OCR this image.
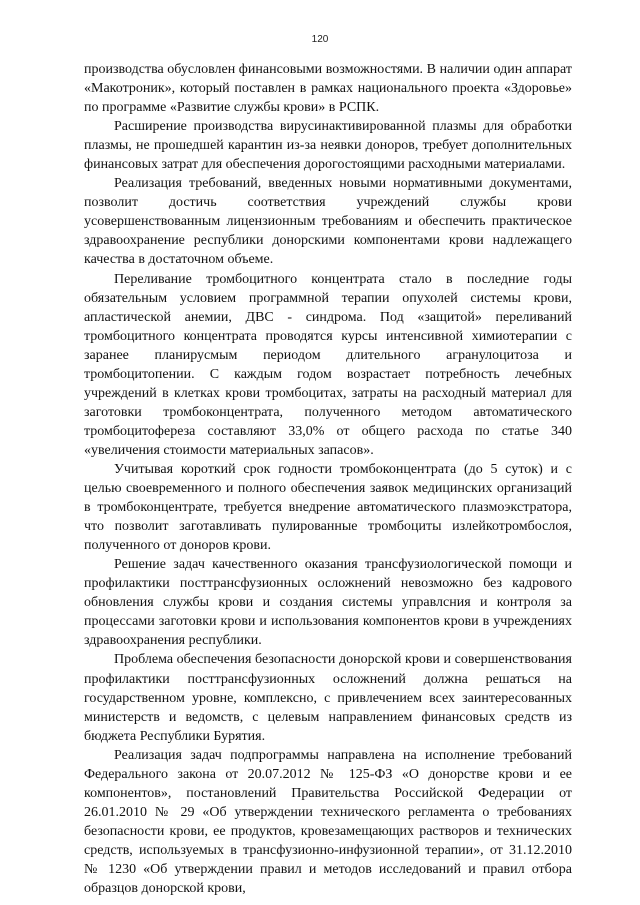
120

производства обусловлен финансовыми возможностями. В наличии один аппарат «Макотроник», который поставлен в рамках национального проекта «Здоровье» по программе «Развитие службы крови» в РСПК.

Расширение производства вирусинактивированной плазмы для обработки плазмы, не прошедшей карантин из-за неявки доноров, требует дополнительных финансовых затрат для обеспечения дорогостоящими расходными материалами.

Реализация требований, введенных новыми нормативными документами, позволит достичь соответствия учреждений службы крови усовершенствованным лицензионным требованиям и обеспечить практическое здравоохранение республики донорскими компонентами крови надлежащего качества в достаточном объеме.

Переливание тромбоцитного концентрата стало в последние годы обязательным условием программной терапии опухолей системы крови, апластической анемии, ДВС - синдрома. Под «защитой» переливаний тромбоцитного концентрата проводятся курсы интенсивной химиотерапии с заранее планирусмым периодом длительного агранулоцитоза и тромбоцитопении. С каждым годом возрастает потребность лечебных учреждений в клетках крови тромбоцитах, затраты на расходный материал для заготовки тромбоконцентрата, полученного методом автоматического тромбоцитофереза составляют 33,0% от общего расхода по статье 340 «увеличения стоимости материальных запасов».

Учитывая короткий срок годности тромбоконцентрата (до 5 суток) и с целью своевременного и полного обеспечения заявок медицинских организаций в тромбоконцентрате, требуется внедрение автоматического плазмоэкстратора, что позволит заготавливать пулированные тромбоциты излейкотромбослоя, полученного от доноров крови.

Решение задач качественного оказания трансфузиологической помощи и профилактики посттрансфузионных осложнений невозможно без кадрового обновления службы крови и создания системы управлсния и контроля за процессами заготовки крови и использования компонентов крови в учреждениях здравоохранения республики.

Проблема обеспечения безопасности донорской крови и совершенствования профилактики посттрансфузионных осложнений должна решаться на государственном уровне, комплексно, с привлечением всех заинтересованных министерств и ведомств, с целевым направлением финансовых средств из бюджета Республики Бурятия.

Реализация задач подпрограммы направлена на исполнение требований Федерального закона от 20.07.2012 № 125-ФЗ «О донорстве крови и ее компонентов», постановлений Правительства Российской Федерации от 26.01.2010 № 29 «Об утверждении технического регламента о требованиях безопасности крови, ее продуктов, кровезамещающих растворов и технических средств, используемых в трансфузионно-инфузионной терапии», от 31.12.2010 № 1230 «Об утверждении правил и методов исследований и правил отбора образцов донорской крови,
